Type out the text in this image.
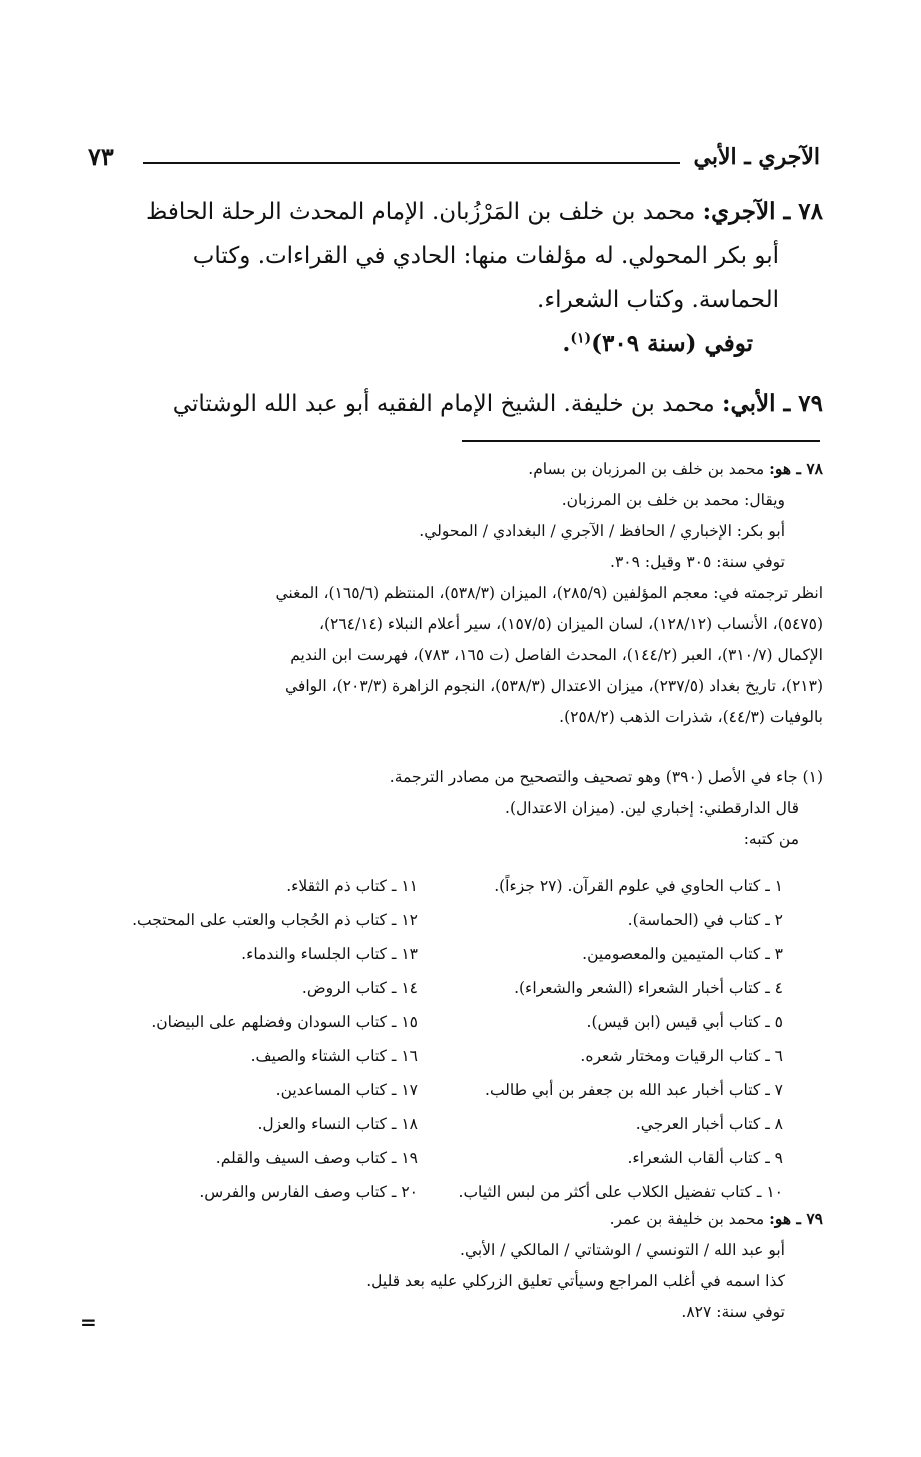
الآجري ـ الأبي
٧٣
٧٨ ـ الآجري: محمد بن خلف بن المَرْزُبان. الإمام المحدث الرحلة الحافظ
أبو بكر المحولي. له مؤلفات منها: الحادي في القراءات. وكتاب
الحماسة. وكتاب الشعراء.
توفي (سنة ٣٠٩)$^{(١)}$.
٧٩ ـ الأبي: محمد بن خليفة. الشيخ الإمام الفقيه أبو عبد الله الوشتاتي
٧٨ ـ هو: محمد بن خلف بن المرزبان بن بسام.
ويقال: محمد بن خلف بن المرزبان.
أبو بكر: الإخباري / الحافظ / الآجري / البغدادي / المحولي.
توفي سنة: ٣٠٥ وقيل: ٣٠٩.
انظر ترجمته في: معجم المؤلفين (٢٨٥/٩)، الميزان (٥٣٨/٣)، المنتظم (١٦٥/٦)، المغني
(٥٤٧٥)، الأنساب (١٢٨/١٢)، لسان الميزان (١٥٧/٥)، سير أعلام النبلاء (٢٦٤/١٤)،
الإكمال (٣١٠/٧)، العبر (١٤٤/٢)، المحدث الفاصل (ت ١٦٥، ٧٨٣)، فهرست ابن النديم
(٢١٣)، تاريخ بغداد (٢٣٧/٥)، ميزان الاعتدال (٥٣٨/٣)، النجوم الزاهرة (٢٠٣/٣)، الوافي
بالوفيات (٤٤/٣)، شذرات الذهب (٢٥٨/٢).
(١) جاء في الأصل (٣٩٠) وهو تصحيف والتصحيح من مصادر الترجمة.
قال الدارقطني: إخباري لين. (ميزان الاعتدال).
من كتبه:
١ ـ كتاب الحاوي في علوم القرآن. (٢٧ جزءاً).
٢ ـ كتاب في (الحماسة).
٣ ـ كتاب المتيمين والمعصومين.
٤ ـ كتاب أخبار الشعراء (الشعر والشعراء).
٥ ـ كتاب أبي قيس (ابن قيس).
٦ ـ كتاب الرقيات ومختار شعره.
٧ ـ كتاب أخبار عبد الله بن جعفر بن أبي طالب.
٨ ـ كتاب أخبار العرجي.
٩ ـ كتاب ألقاب الشعراء.
١٠ ـ كتاب تفضيل الكلاب على أكثر من لبس الثياب.
١١ ـ كتاب ذم الثقلاء.
١٢ ـ كتاب ذم الحُجاب والعتب على المحتجب.
١٣ ـ كتاب الجلساء والندماء.
١٤ ـ كتاب الروض.
١٥ ـ كتاب السودان وفضلهم على البيضان.
١٦ ـ كتاب الشتاء والصيف.
١٧ ـ كتاب المساعدين.
١٨ ـ كتاب النساء والعزل.
١٩ ـ كتاب وصف السيف والقلم.
٢٠ ـ كتاب وصف الفارس والفرس.
٧٩ ـ هو: محمد بن خليفة بن عمر.
أبو عبد الله / التونسي / الوشتاتي / المالكي / الأبي.
كذا اسمه في أغلب المراجع وسيأتي تعليق الزركلي عليه بعد قليل.
توفي سنة: ٨٢٧.
=
